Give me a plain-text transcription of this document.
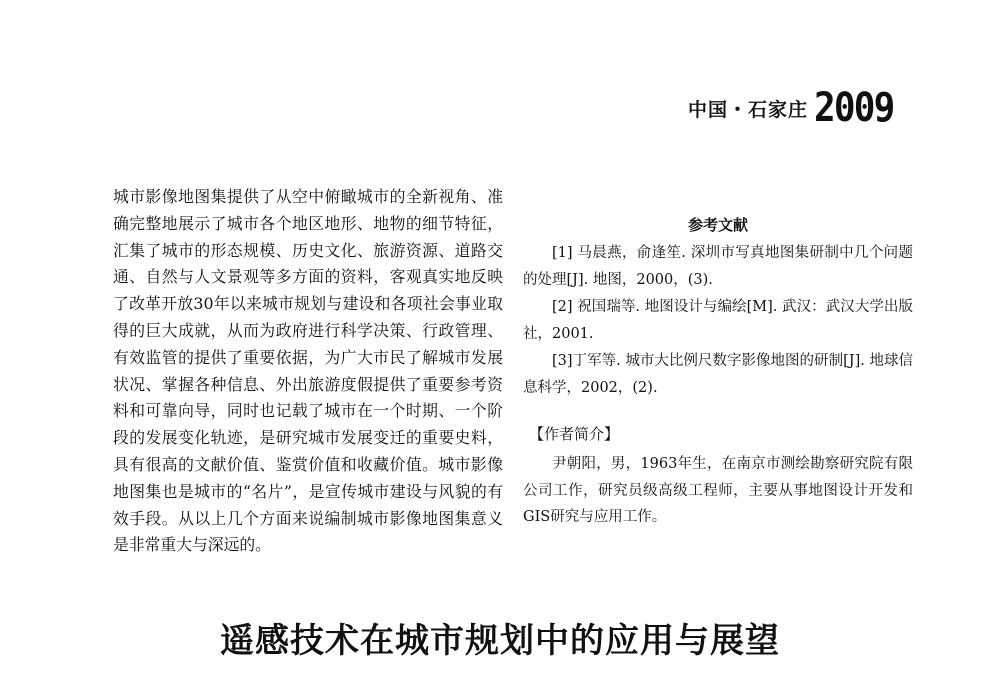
中国・石家庄 2009

城市影像地图集提供了从空中俯瞰城市的全新视角、准确完整地展示了城市各个地区地形、地物的细节特征，汇集了城市的形态规模、历史文化、旅游资源、道路交通、自然与人文景观等多方面的资料，客观真实地反映了改革开放30年以来城市规划与建设和各项社会事业取得的巨大成就，从而为政府进行科学决策、行政管理、有效监管的提供了重要依据，为广大市民了解城市发展状况、掌握各种信息、外出旅游度假提供了重要参考资料和可靠向导，同时也记载了城市在一个时期、一个阶段的发展变化轨迹，是研究城市发展变迁的重要史料，具有很高的文献价值、鉴赏价值和收藏价值。城市影像地图集也是城市的“名片”，是宣传城市建设与风貌的有效手段。从以上几个方面来说编制城市影像地图集意义是非常重大与深远的。

参考文献

[1] 马晨燕，俞逢笙. 深圳市写真地图集研制中几个问题的处理[J]. 地图，2000，(3).

[2] 祝国瑞等. 地图设计与编绘[M]. 武汉：武汉大学出版社，2001.

[3]丁军等. 城市大比例尺数字影像地图的研制[J]. 地球信息科学，2002，(2).

【作者简介】

尹朝阳，男，1963年生，在南京市测绘勘察研究院有限公司工作，研究员级高级工程师，主要从事地图设计开发和GIS研究与应用工作。

遥感技术在城市规划中的应用与展望
